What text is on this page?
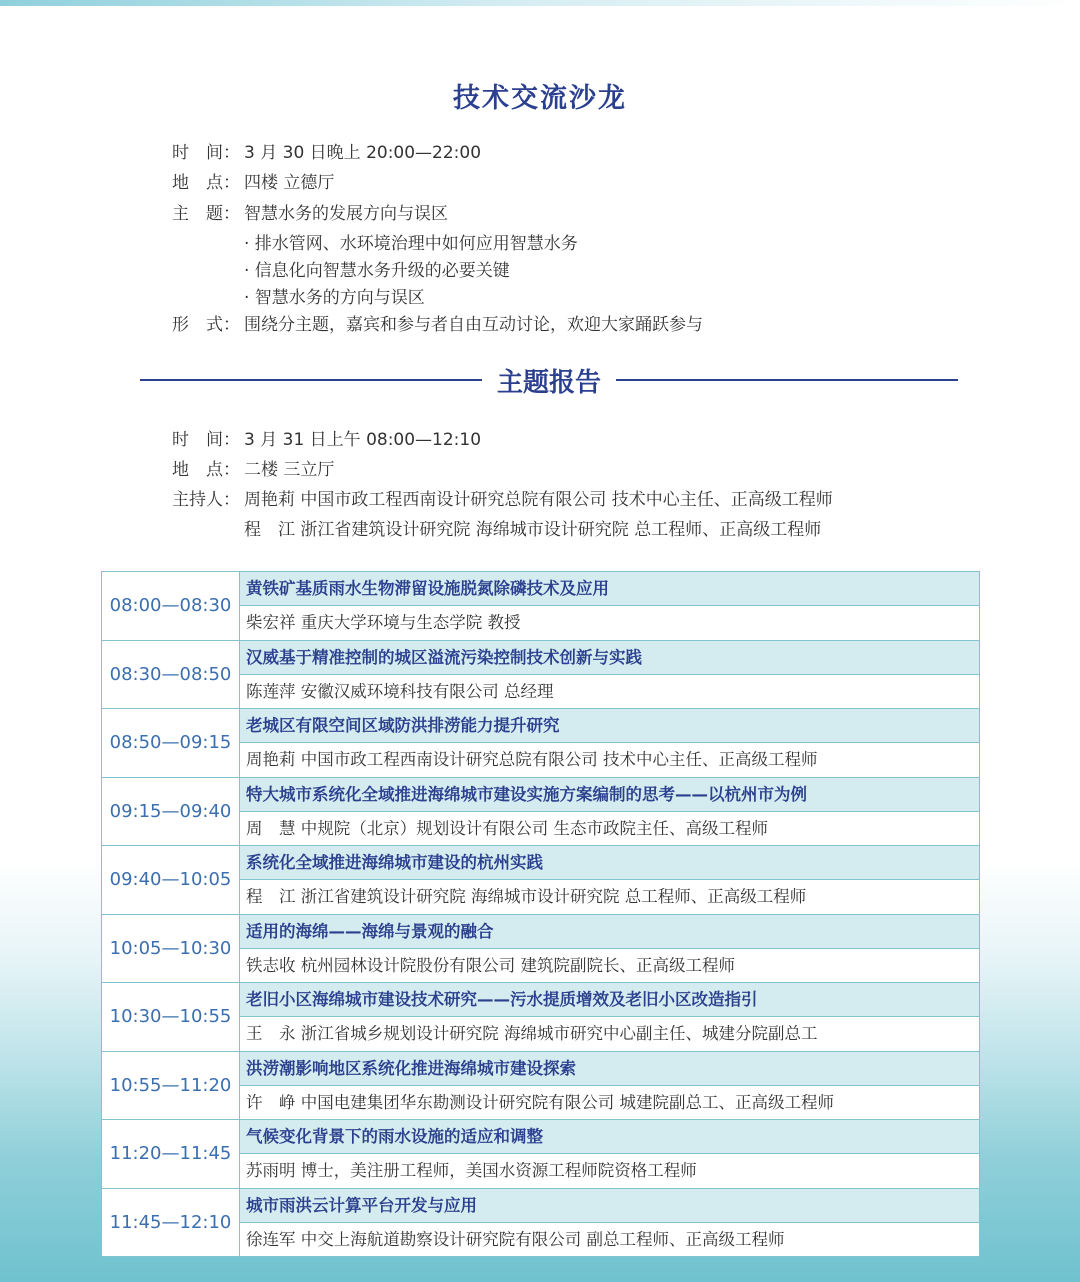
技术交流沙龙
时　间： 3 月 30 日晚上 20:00—22:00
地　点： 四楼 立德厅
主　题： 智慧水务的发展方向与误区
· 排水管网、水环境治理中如何应用智慧水务
· 信息化向智慧水务升级的必要关键
· 智慧水务的方向与误区
形　式： 围绕分主题，嘉宾和参与者自由互动讨论，欢迎大家踊跃参与
主题报告
时　间： 3 月 31 日上午 08:00—12:10
地　点： 二楼 三立厅
主持人： 周艳莉 中国市政工程西南设计研究总院有限公司 技术中心主任、正高级工程师
程　江 浙江省建筑设计研究院 海绵城市设计研究院 总工程师、正高级工程师
08:00—08:30
黄铁矿基质雨水生物滞留设施脱氮除磷技术及应用
柴宏祥 重庆大学环境与生态学院 教授
08:30—08:50
汉威基于精准控制的城区溢流污染控制技术创新与实践
陈莲萍 安徽汉威环境科技有限公司 总经理
08:50—09:15
老城区有限空间区域防洪排涝能力提升研究
周艳莉 中国市政工程西南设计研究总院有限公司 技术中心主任、正高级工程师
09:15—09:40
特大城市系统化全域推进海绵城市建设实施方案编制的思考——以杭州市为例
周　慧 中规院（北京）规划设计有限公司 生态市政院主任、高级工程师
09:40—10:05
系统化全域推进海绵城市建设的杭州实践
程　江 浙江省建筑设计研究院 海绵城市设计研究院 总工程师、正高级工程师
10:05—10:30
适用的海绵——海绵与景观的融合
铁志收 杭州园林设计院股份有限公司 建筑院副院长、正高级工程师
10:30—10:55
老旧小区海绵城市建设技术研究——污水提质增效及老旧小区改造指引
王　永 浙江省城乡规划设计研究院 海绵城市研究中心副主任、城建分院副总工
10:55—11:20
洪涝潮影响地区系统化推进海绵城市建设探索
许　峥 中国电建集团华东勘测设计研究院有限公司 城建院副总工、正高级工程师
11:20—11:45
气候变化背景下的雨水设施的适应和调整
苏雨明 博士，美注册工程师，美国水资源工程师院资格工程师
11:45—12:10
城市雨洪云计算平台开发与应用
徐连军 中交上海航道勘察设计研究院有限公司 副总工程师、正高级工程师
